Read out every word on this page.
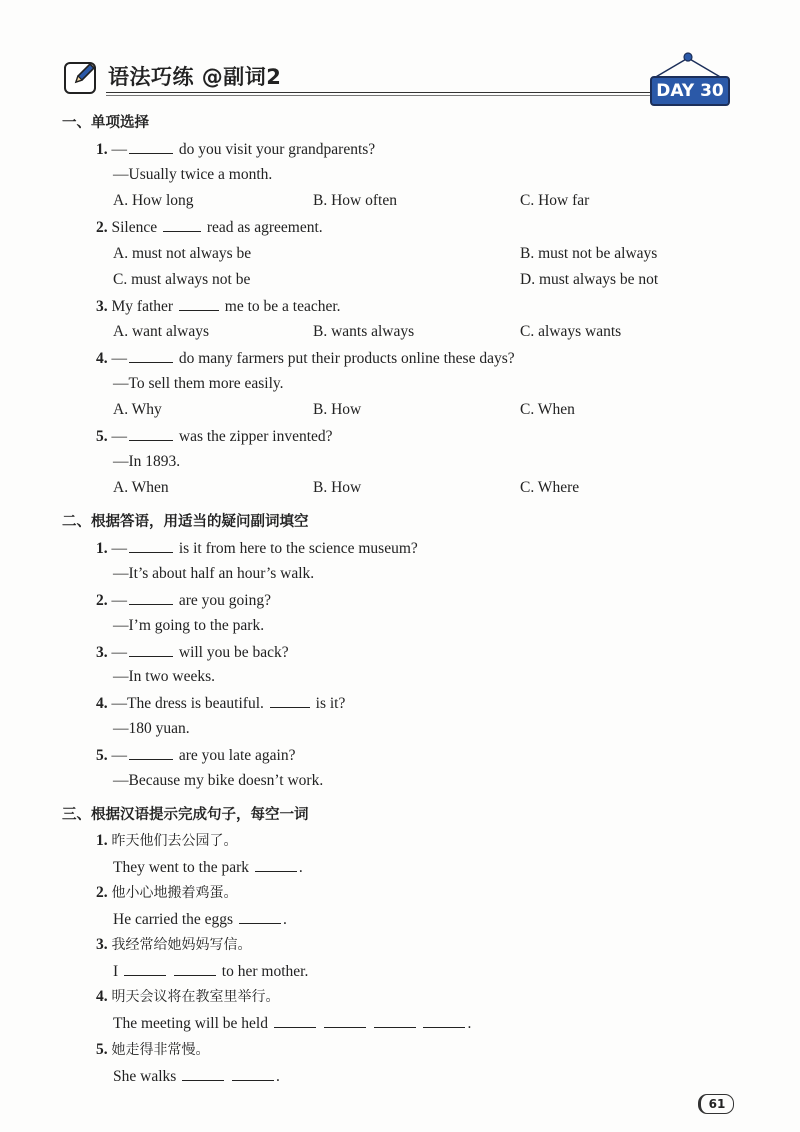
语法巧练 @副词2
DAY 30
一、单项选择
1. —	do you visit your grandparents?
—Usually twice a month.
A. How long	B. How often	C. How far
2. Silence	read as agreement.
A. must not always be	B. must not be always
C. must always not be	D. must always be not
3. My father	me to be a teacher.
A. want always	B. wants always	C. always wants
4. —	do many farmers put their products online these days?
—To sell them more easily.
A. Why	B. How	C. When
5. —	was the zipper invented?
—In 1893.
A. When	B. How	C. Where
二、根据答语，用适当的疑问副词填空
1. —	is it from here to the science museum?
—It’s about half an hour’s walk.
2. —	are you going?
—I’m going to the park.
3. —	will you be back?
—In two weeks.
4. —The dress is beautiful.	is it?
—180 yuan.
5. —	are you late again?
—Because my bike doesn’t work.
三、根据汉语提示完成句子，每空一词
1. 昨天他们去公园了。
They went to the park	.
2. 他小心地搬着鸡蛋。
He carried the eggs	.
3. 我经常给她妈妈写信。
I	to her mother.
4. 明天会议将在教室里举行。
The meeting will be held	.
5. 她走得非常慢。
She walks	.
61
